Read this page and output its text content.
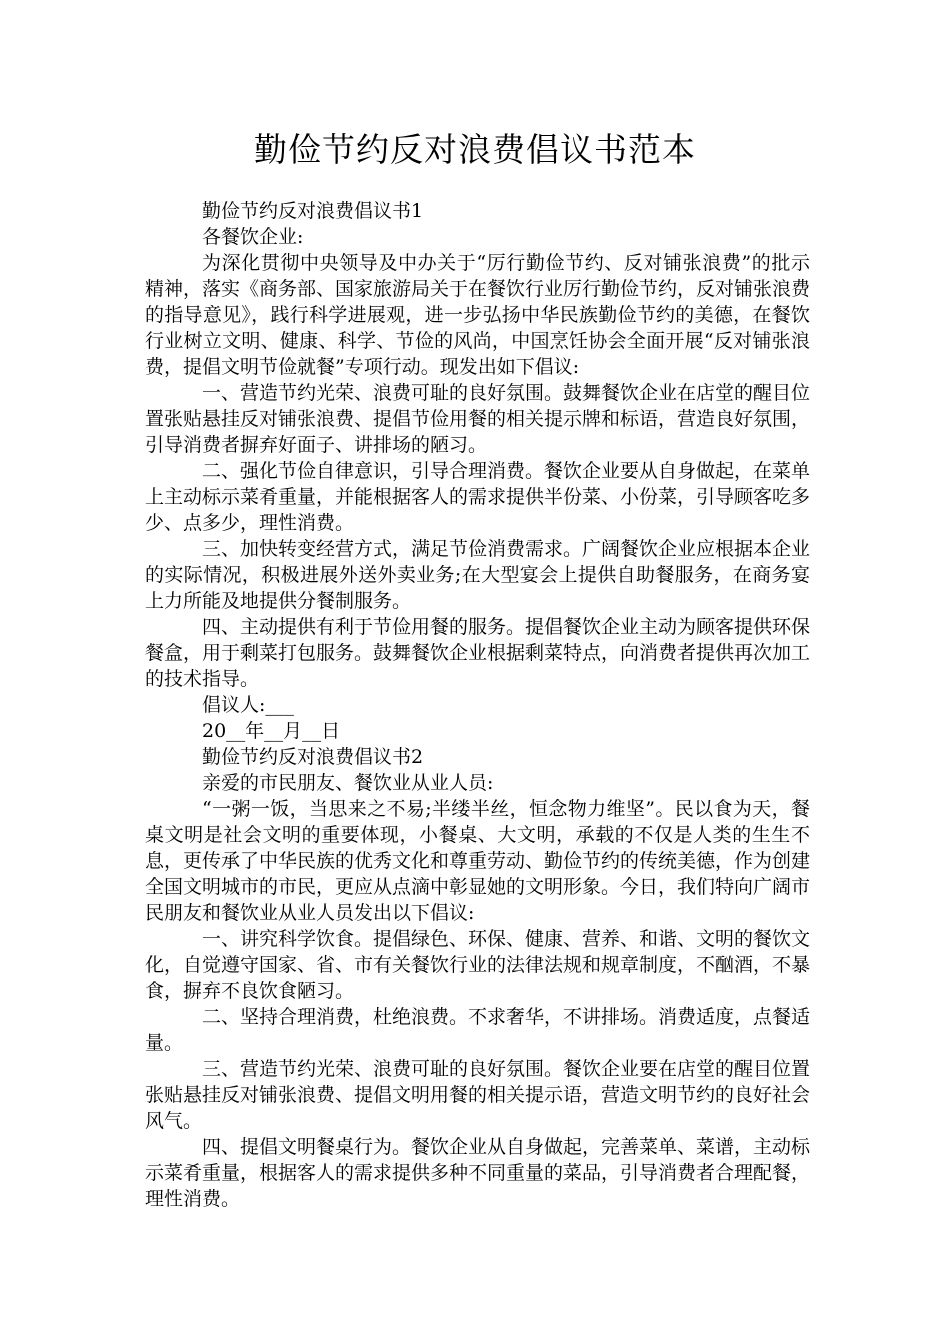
勤俭节约反对浪费倡议书范本

勤俭节约反对浪费倡议书1

各餐饮企业:

为深化贯彻中央领导及中办关于“厉行勤俭节约、反对铺张浪费”的批示精神，落实《商务部、国家旅游局关于在餐饮行业厉行勤俭节约，反对铺张浪费的指导意见》，践行科学进展观，进一步弘扬中华民族勤俭节约的美德，在餐饮行业树立文明、健康、科学、节俭的风尚，中国烹饪协会全面开展“反对铺张浪费，提倡文明节俭就餐”专项行动。现发出如下倡议:

一、营造节约光荣、浪费可耻的良好氛围。鼓舞餐饮企业在店堂的醒目位置张贴悬挂反对铺张浪费、提倡节俭用餐的相关提示牌和标语，营造良好氛围，引导消费者摒弃好面子、讲排场的陋习。

二、强化节俭自律意识，引导合理消费。餐饮企业要从自身做起，在菜单上主动标示菜肴重量，并能根据客人的需求提供半份菜、小份菜，引导顾客吃多少、点多少，理性消费。

三、加快转变经营方式，满足节俭消费需求。广阔餐饮企业应根据本企业的实际情况，积极进展外送外卖业务;在大型宴会上提供自助餐服务，在商务宴上力所能及地提供分餐制服务。

四、主动提供有利于节俭用餐的服务。提倡餐饮企业主动为顾客提供环保餐盒，用于剩菜打包服务。鼓舞餐饮企业根据剩菜特点，向消费者提供再次加工的技术指导。

倡议人:___

20__年__月__日

勤俭节约反对浪费倡议书2

亲爱的市民朋友、餐饮业从业人员:

“一粥一饭，当思来之不易;半缕半丝，恒念物力维坚”。民以食为天，餐桌文明是社会文明的重要体现，小餐桌、大文明，承载的不仅是人类的生生不息，更传承了中华民族的优秀文化和尊重劳动、勤俭节约的传统美德，作为创建全国文明城市的市民，更应从点滴中彰显她的文明形象。今日，我们特向广阔市民朋友和餐饮业从业人员发出以下倡议:

一、讲究科学饮食。提倡绿色、环保、健康、营养、和谐、文明的餐饮文化，自觉遵守国家、省、市有关餐饮行业的法律法规和规章制度，不酗酒，不暴食，摒弃不良饮食陋习。

二、坚持合理消费，杜绝浪费。不求奢华，不讲排场。消费适度，点餐适量。

三、营造节约光荣、浪费可耻的良好氛围。餐饮企业要在店堂的醒目位置张贴悬挂反对铺张浪费、提倡文明用餐的相关提示语，营造文明节约的良好社会风气。

四、提倡文明餐桌行为。餐饮企业从自身做起，完善菜单、菜谱，主动标示菜肴重量，根据客人的需求提供多种不同重量的菜品，引导消费者合理配餐，理性消费。
